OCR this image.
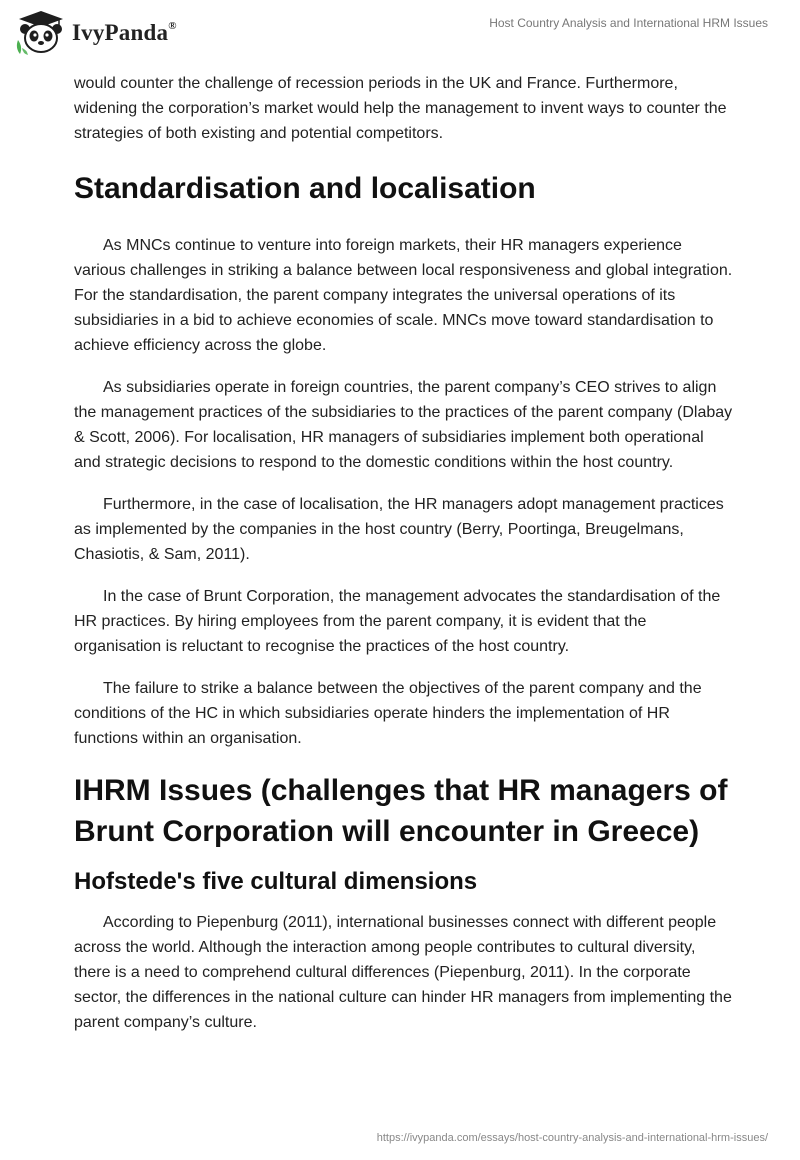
IvyPanda®	Host Country Analysis and International HRM Issues

would counter the challenge of recession periods in the UK and France. Furthermore, widening the corporation’s market would help the management to invent ways to counter the strategies of both existing and potential competitors.

Standardisation and localisation

As MNCs continue to venture into foreign markets, their HR managers experience various challenges in striking a balance between local responsiveness and global integration. For the standardisation, the parent company integrates the universal operations of its subsidiaries in a bid to achieve economies of scale. MNCs move toward standardisation to achieve efficiency across the globe.

As subsidiaries operate in foreign countries, the parent company’s CEO strives to align the management practices of the subsidiaries to the practices of the parent company (Dlabay & Scott, 2006). For localisation, HR managers of subsidiaries implement both operational and strategic decisions to respond to the domestic conditions within the host country.

Furthermore, in the case of localisation, the HR managers adopt management practices as implemented by the companies in the host country (Berry, Poortinga, Breugelmans, Chasiotis, & Sam, 2011).

In the case of Brunt Corporation, the management advocates the standardisation of the HR practices. By hiring employees from the parent company, it is evident that the organisation is reluctant to recognise the practices of the host country.

The failure to strike a balance between the objectives of the parent company and the conditions of the HC in which subsidiaries operate hinders the implementation of HR functions within an organisation.

IHRM Issues (challenges that HR managers of Brunt Corporation will encounter in Greece)
Hofstede's five cultural dimensions

According to Piepenburg (2011), international businesses connect with different people across the world. Although the interaction among people contributes to cultural diversity, there is a need to comprehend cultural differences (Piepenburg, 2011). In the corporate sector, the differences in the national culture can hinder HR managers from implementing the parent company’s culture.

https://ivypanda.com/essays/host-country-analysis-and-international-hrm-issues/
